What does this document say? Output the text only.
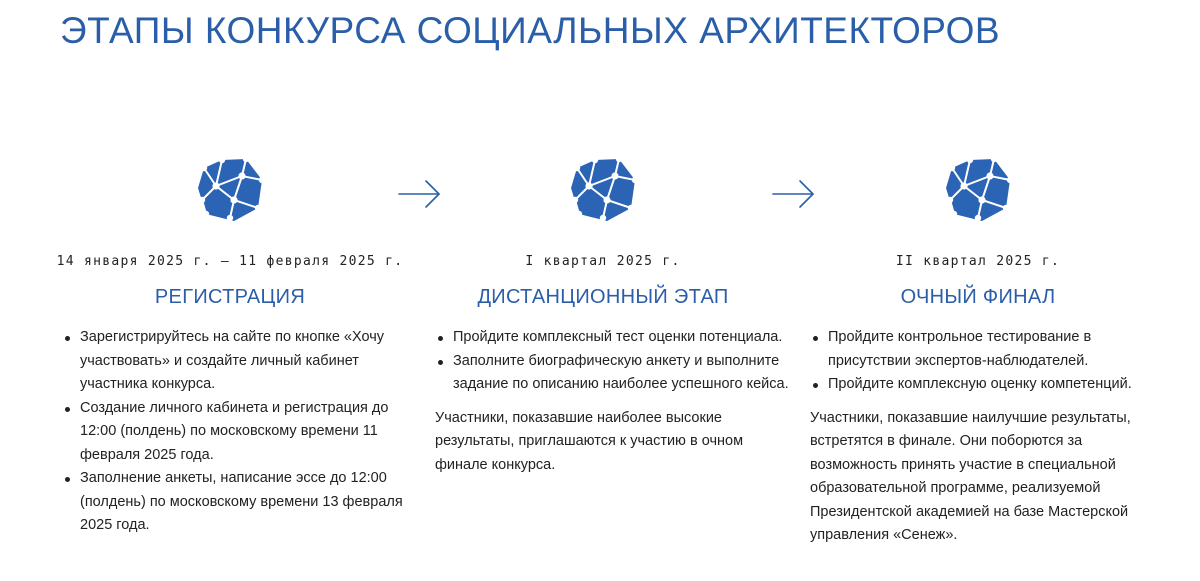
ЭТАПЫ КОНКУРСА СОЦИАЛЬНЫХ АРХИТЕКТОРОВ
14 января 2025 г. — 11 февраля 2025 г.
РЕГИСТРАЦИЯ
Зарегистрируйтесь на сайте по кнопке «Хочу участвовать» и создайте личный кабинет участника конкурса.
Создание личного кабинета и регистрация до 12:00 (полдень) по московскому времени 11 февраля 2025 года.
Заполнение анкеты, написание эссе до 12:00 (полдень) по московскому времени 13 февраля 2025 года.
I квартал 2025 г.
ДИСТАНЦИОННЫЙ ЭТАП
Пройдите комплексный тест оценки потенциала.
Заполните биографическую анкету и выполните задание по описанию наиболее успешного кейса.

Участники, показавшие наиболее высокие результаты, приглашаются к участию в очном финале конкурса.

II квартал 2025 г.
ОЧНЫЙ ФИНАЛ
Пройдите контрольное тестирование в присутствии экспертов-наблюдателей.
Пройдите комплексную оценку компетенций.

Участники, показавшие наилучшие результаты, встретятся в финале. Они поборются за возможность принять участие в специальной образовательной программе, реализуемой Президентской академией на базе Мастерской управления «Сенеж».
